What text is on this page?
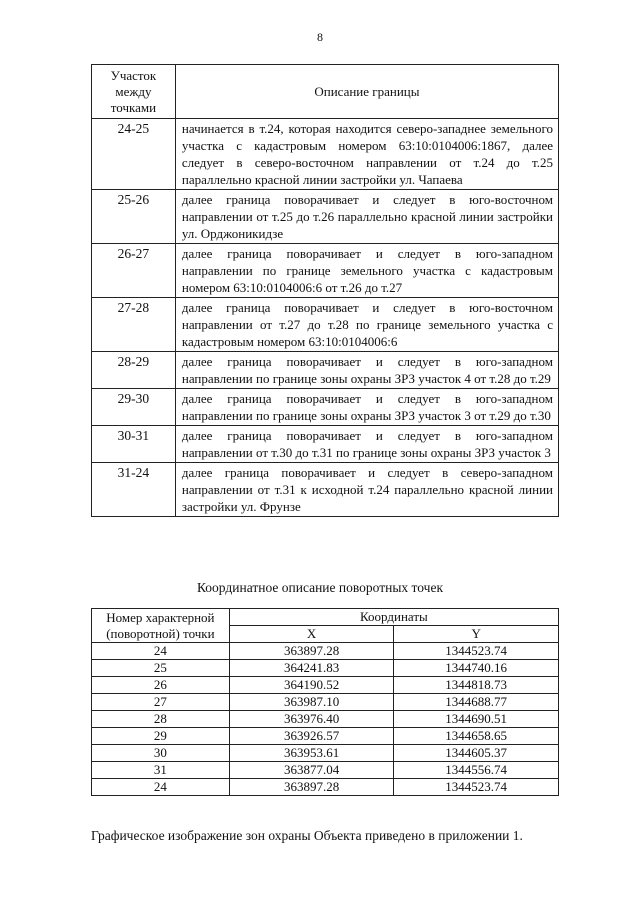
8
Участок между точками	Описание границы
24-25	начинается в т.24, которая находится северо-западнее земельного участка с кадастровым номером 63:10:0104006:1867, далее следует в северо-восточном направлении от т.24 до т.25 параллельно красной линии застройки ул. Чапаева
25-26	далее граница поворачивает и следует в юго-восточном направлении от т.25 до т.26 параллельно красной линии застройки ул. Орджоникидзе
26-27	далее граница поворачивает и следует в юго-западном направлении по границе земельного участка с кадастровым номером 63:10:0104006:6 от т.26 до т.27
27-28	далее граница поворачивает и следует в юго-восточном направлении от т.27 до т.28 по границе земельного участка с кадастровым номером 63:10:0104006:6
28-29	далее граница поворачивает и следует в юго-западном направлении по границе зоны охраны ЗРЗ участок 4 от т.28 до т.29
29-30	далее граница поворачивает и следует в юго-западном направлении по границе зоны охраны ЗРЗ участок 3 от т.29 до т.30
30-31	далее граница поворачивает и следует в юго-западном направлении от т.30 до т.31 по границе зоны охраны ЗРЗ участок 3
31-24	далее граница поворачивает и следует в северо-западном направлении от т.31 к исходной т.24 параллельно красной линии застройки ул. Фрунзе
Координатное описание поворотных точек
Номер характерной (поворотной) точки	Координаты	
	X	Y
24	363897.28	1344523.74
25	364241.83	1344740.16
26	364190.52	1344818.73
27	363987.10	1344688.77
28	363976.40	1344690.51
29	363926.57	1344658.65
30	363953.61	1344605.37
31	363877.04	1344556.74
24	363897.28	1344523.74
Графическое изображение зон охраны Объекта приведено в приложении 1.
